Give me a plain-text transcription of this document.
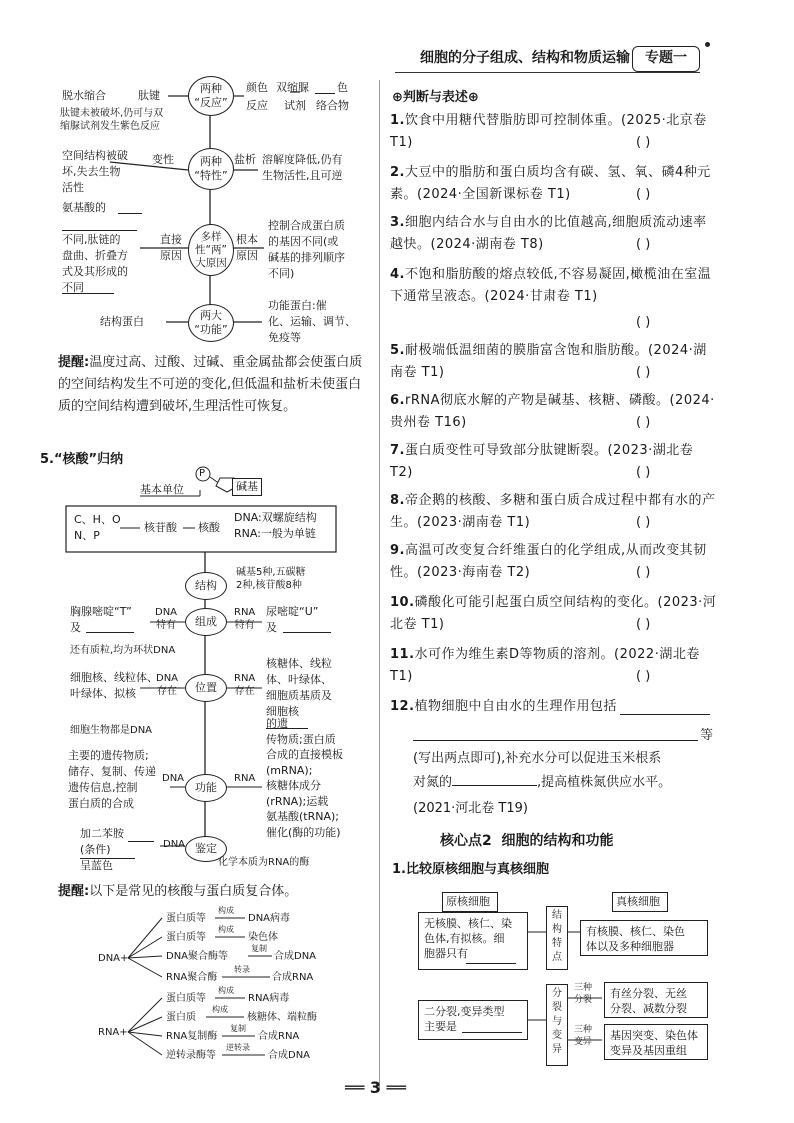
细胞的分子组成、结构和物质运输	专题一
两种
“反应”
脱水缩合	肽键
肽键未被破坏,仍可与双
缩脲试剂发生紫色反应
颜色
反应
双缩脲	色
试剂 络合物
两种
“特性”
空间结构被破
坏,失去生物
活性
变性	盐析 溶解度降低,仍有
生物活性,且可逆
多样
性“两”
大原因
氨基酸的

不同,肽链的
盘曲、折叠方
式及其形成的
不同
直接
原因
根本
原因
控制合成蛋白质
的基因不同(或
碱基的排列顺序
不同)
两大
“功能”
结构蛋白
功能蛋白:催
化、运输、调节、
免疫等
提醒:温度过高、过酸、过碱、重金属盐都会使蛋白质的空间结构发生不可逆的变化,但低温和盐析未使蛋白质的空间结构遭到破坏,生理活性可恢复。
5.“核酸”归纳
基本单位
P
碱基
C、H、O
N、P
核苷酸 核酸
DNA:双螺旋结构
RNA:一般为单链
结构
碱基5种,五碳糖
2种,核苷酸8种
组成
胸腺嘧啶“T”
及
DNA
特有
RNA
特有
尿嘧啶“U”
及
还有质粒,均为环状DNA
位置
细胞核、线粒体、
叶绿体、拟核
DNA
存在
RNA
存在
核糖体、线粒
体、叶绿体、
细胞质基质及
细胞核
细胞生物都是DNA
功能
主要的遗传物质;
储存、复制、传递
遗传信息,控制
蛋白质的合成
DNA	RNA
的遗
传物质;蛋白质
合成的直接模板
(mRNA);
核糖体成分
(rRNA);运载
氨基酸(tRNA);
催化(酶的功能)
鉴定
加二苯胺
(条件)
呈蓝色
DNA
化学本质为RNA的酶
提醒:以下是常见的核酸与蛋白质复合体。
DNA+
RNA+
蛋白质等
构成
DNA病毒
蛋白质等
构成
染色体
DNA聚合酶等
复制
合成DNA
RNA聚合酶
转录
合成RNA
蛋白质等
构成
RNA病毒
蛋白质
构成
核糖体、端粒酶
RNA复制酶
复制
合成RNA
逆转录酶等
逆转录
合成DNA
⊕判断与表述⊕
1.饮食中用糖代替脂肪即可控制体重。(2025·北京卷 T1)	( )
2.大豆中的脂肪和蛋白质均含有碳、氢、氧、磷4种元素。(2024·全国新课标卷 T1)	( )
3.细胞内结合水与自由水的比值越高,细胞质流动速率越快。(2024·湖南卷 T8)	( )
4.不饱和脂肪酸的熔点较低,不容易凝固,橄榄油在室温下通常呈液态。(2024·甘肃卷 T1)
( )
5.耐极端低温细菌的膜脂富含饱和脂肪酸。(2024·湖南卷 T1)	( )
6.rRNA彻底水解的产物是碱基、核糖、磷酸。(2024·贵州卷 T16)	( )
7.蛋白质变性可导致部分肽键断裂。(2023·湖北卷 T2)	( )
8.帝企鹅的核酸、多糖和蛋白质合成过程中都有水的产生。(2023·湖南卷 T1)	( )
9.高温可改变复合纤维蛋白的化学组成,从而改变其韧性。(2023·海南卷 T2)	( )
10.磷酸化可能引起蛋白质空间结构的变化。(2023·河北卷 T1)	( )
11.水可作为维生素D等物质的溶剂。(2022·湖北卷 T1)	( )
12.植物细胞中自由水的生理作用包括
等
(写出两点即可),补充水分可以促进玉米根系
对氮的	,提高植株氮供应水平。
(2021·河北卷 T19)
核心点2  细胞的结构和功能
1.比较原核细胞与真核细胞
原核细胞	真核细胞
无核膜、核仁、染
色体,有拟核。细
胞器只有
结
构
特
点
有核膜、核仁、染色
体以及多种细胞器
二分裂,变异类型
主要是
分
裂
与
变
异
三种
分裂	有丝分裂、无丝
分裂、减数分裂
三种
变异	基因突变、染色体
变异及基因重组
══ 3 ══
